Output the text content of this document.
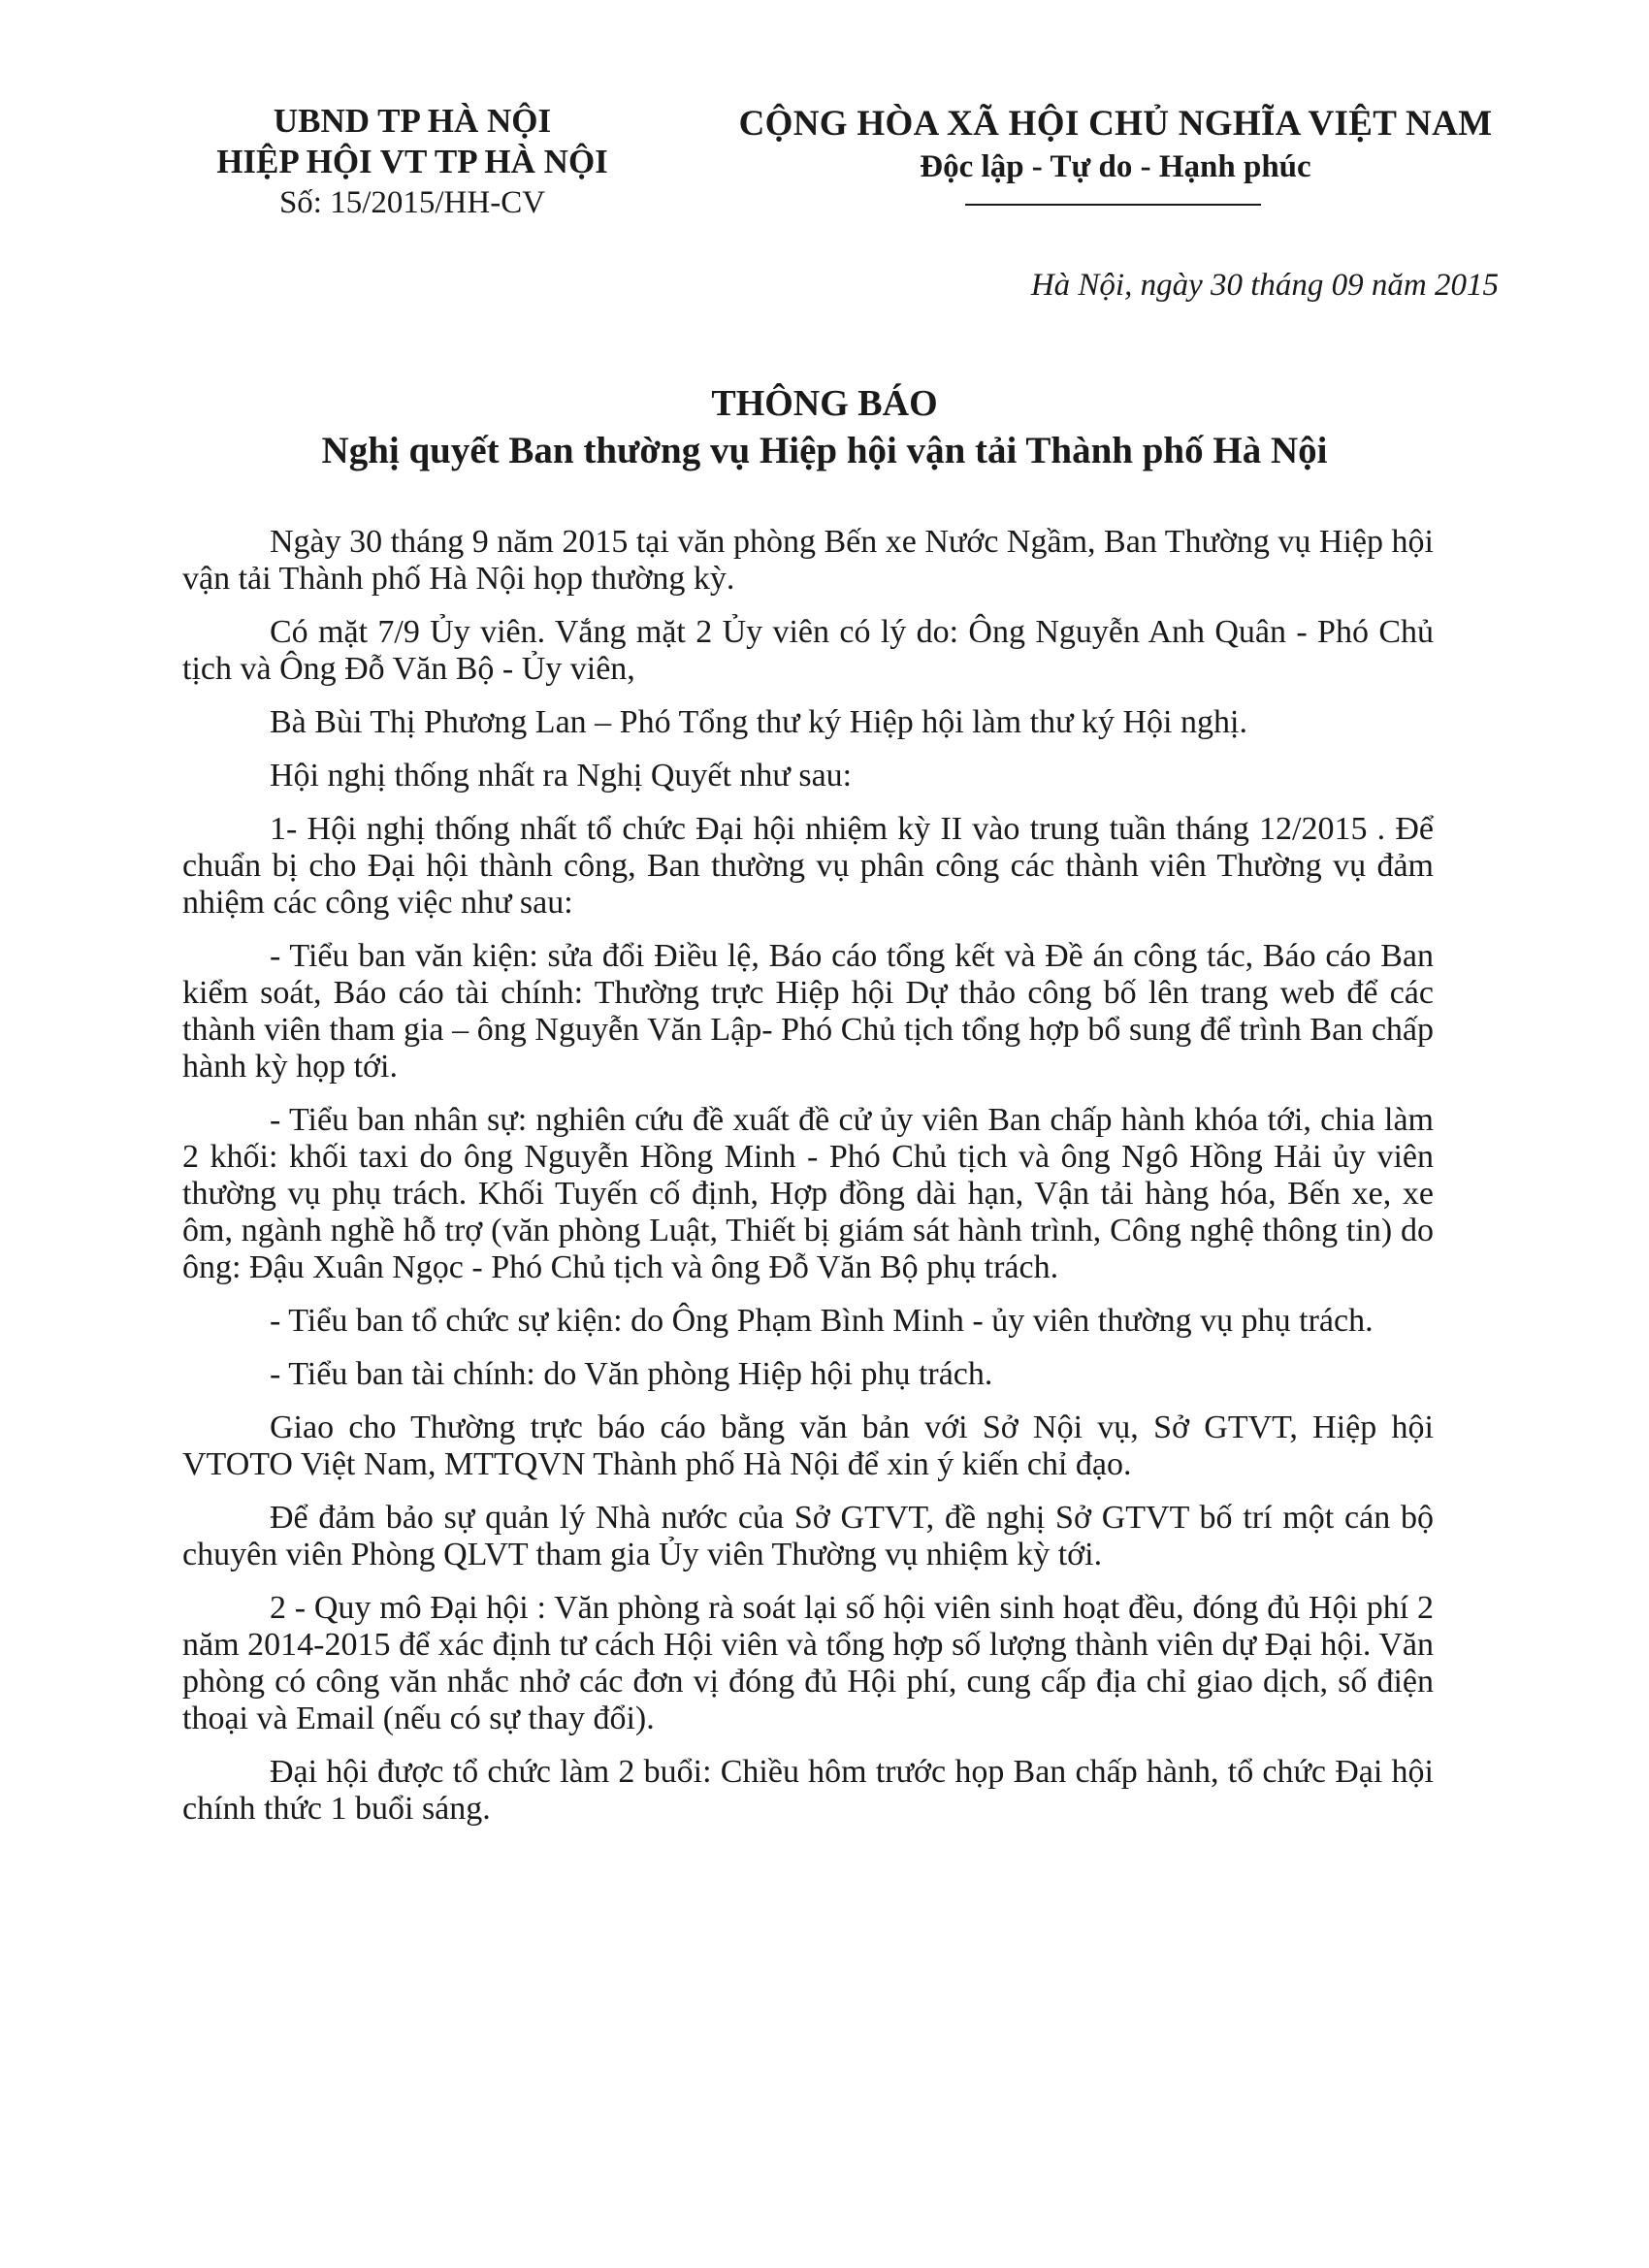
UBND TP HÀ NỘI
HIỆP HỘI VT TP HÀ NỘI
Số: 15/2015/HH-CV
CỘNG HÒA XÃ HỘI CHỦ NGHĨA VIỆT NAM
Độc lập - Tự do - Hạnh phúc
Hà Nội, ngày 30 tháng 09 năm 2015
THÔNG BÁO
Nghị quyết Ban thường vụ Hiệp hội vận tải Thành phố Hà Nội

Ngày 30 tháng 9 năm 2015 tại văn phòng Bến xe Nước Ngầm, Ban Thường vụ Hiệp hội vận tải Thành phố Hà Nội họp thường kỳ.

Có mặt 7/9 Ủy viên. Vắng mặt 2 Ủy viên có lý do: Ông Nguyễn Anh Quân - Phó Chủ tịch và Ông Đỗ Văn Bộ - Ủy viên,

Bà Bùi Thị Phương Lan – Phó Tổng thư ký Hiệp hội làm thư ký Hội nghị.

Hội nghị thống nhất ra Nghị Quyết như sau:

1- Hội nghị thống nhất tổ chức Đại hội nhiệm kỳ II vào trung tuần tháng 12/2015 . Để chuẩn bị cho Đại hội thành công, Ban thường vụ phân công các thành viên Thường vụ đảm nhiệm các công việc như sau:

- Tiểu ban văn kiện: sửa đổi Điều lệ, Báo cáo tổng kết và Đề án công tác, Báo cáo Ban kiểm soát, Báo cáo tài chính: Thường trực Hiệp hội Dự thảo công bố lên trang web để các thành viên tham gia – ông Nguyễn Văn Lập- Phó Chủ tịch tổng hợp bổ sung để trình Ban chấp hành kỳ họp tới.

- Tiểu ban nhân sự: nghiên cứu đề xuất đề cử ủy viên Ban chấp hành khóa tới, chia làm 2 khối: khối taxi do ông Nguyễn Hồng Minh - Phó Chủ tịch và ông Ngô Hồng Hải ủy viên thường vụ phụ trách. Khối Tuyến cố định, Hợp đồng dài hạn, Vận tải hàng hóa, Bến xe, xe ôm, ngành nghề hỗ trợ (văn phòng Luật, Thiết bị giám sát hành trình, Công nghệ thông tin) do ông: Đậu Xuân Ngọc - Phó Chủ tịch và ông Đỗ Văn Bộ phụ trách.

- Tiểu ban tổ chức sự kiện: do Ông Phạm Bình Minh - ủy viên thường vụ phụ trách.

- Tiểu ban tài chính: do Văn phòng Hiệp hội phụ trách.

Giao cho Thường trực báo cáo bằng văn bản với Sở Nội vụ, Sở GTVT, Hiệp hội VTOTO Việt Nam, MTTQVN Thành phố Hà Nội để xin ý kiến chỉ đạo.

Để đảm bảo sự quản lý Nhà nước của Sở GTVT, đề nghị Sở GTVT bố trí một cán bộ chuyên viên Phòng QLVT tham gia Ủy viên Thường vụ nhiệm kỳ tới.

2 - Quy mô Đại hội : Văn phòng rà soát lại số hội viên sinh hoạt đều, đóng đủ Hội phí 2 năm 2014-2015 để xác định tư cách Hội viên và tổng hợp số lượng thành viên dự Đại hội. Văn phòng có công văn nhắc nhở các đơn vị đóng đủ Hội phí, cung cấp địa chỉ giao dịch, số điện thoại và Email (nếu có sự thay đổi).

Đại hội được tổ chức làm 2 buổi: Chiều hôm trước họp Ban chấp hành, tổ chức Đại hội chính thức 1 buổi sáng.
